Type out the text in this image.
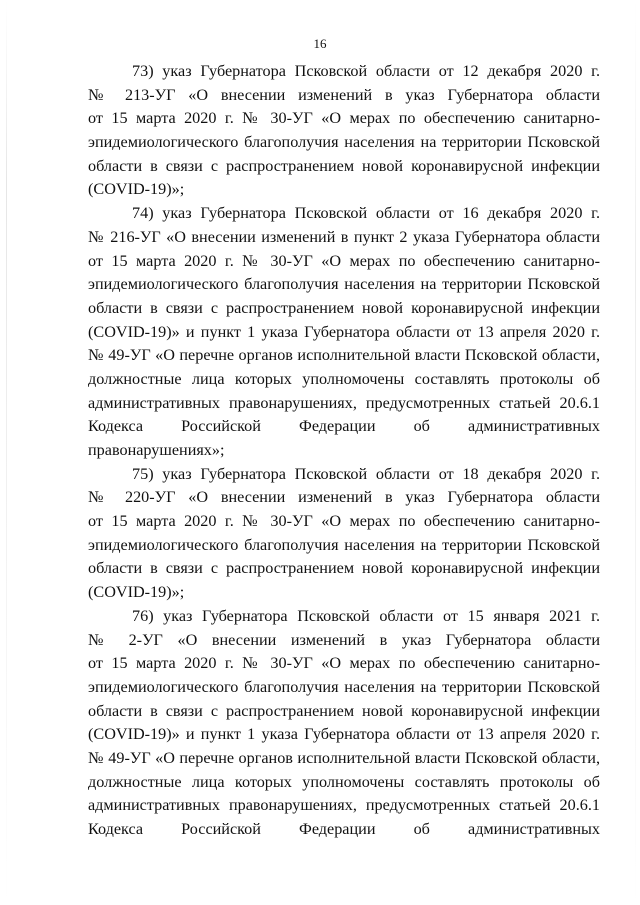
16
73) указ Губернатора Псковской области от 12 декабря 2020 г.
№ 213-УГ «О внесении изменений в указ Губернатора области
от 15 марта 2020 г. № 30-УГ «О мерах по обеспечению санитарно-
эпидемиологического благополучия населения на территории Псковской
области в связи с распространением новой коронавирусной инфекции
(COVID-19)»;
74) указ Губернатора Псковской области от 16 декабря 2020 г.
№ 216-УГ «О внесении изменений в пункт 2 указа Губернатора области
от 15 марта 2020 г. № 30-УГ «О мерах по обеспечению санитарно-
эпидемиологического благополучия населения на территории Псковской
области в связи с распространением новой коронавирусной инфекции
(COVID-19)» и пункт 1 указа Губернатора области от 13 апреля 2020 г.
№ 49-УГ «О перечне органов исполнительной власти Псковской области,
должностные лица которых уполномочены составлять протоколы об
административных правонарушениях, предусмотренных статьей 20.6.1
Кодекса Российской Федерации об административных
правонарушениях»;
75) указ Губернатора Псковской области от 18 декабря 2020 г.
№ 220-УГ «О внесении изменений в указ Губернатора области
от 15 марта 2020 г. № 30-УГ «О мерах по обеспечению санитарно-
эпидемиологического благополучия населения на территории Псковской
области в связи с распространением новой коронавирусной инфекции
(COVID-19)»;
76) указ Губернатора Псковской области от 15 января 2021 г.
№ 2-УГ «О внесении изменений в указ Губернатора области
от 15 марта 2020 г. № 30-УГ «О мерах по обеспечению санитарно-
эпидемиологического благополучия населения на территории Псковской
области в связи с распространением новой коронавирусной инфекции
(COVID-19)» и пункт 1 указа Губернатора области от 13 апреля 2020 г.
№ 49-УГ «О перечне органов исполнительной власти Псковской области,
должностные лица которых уполномочены составлять протоколы об
административных правонарушениях, предусмотренных статьей 20.6.1
Кодекса Российской Федерации об административных
